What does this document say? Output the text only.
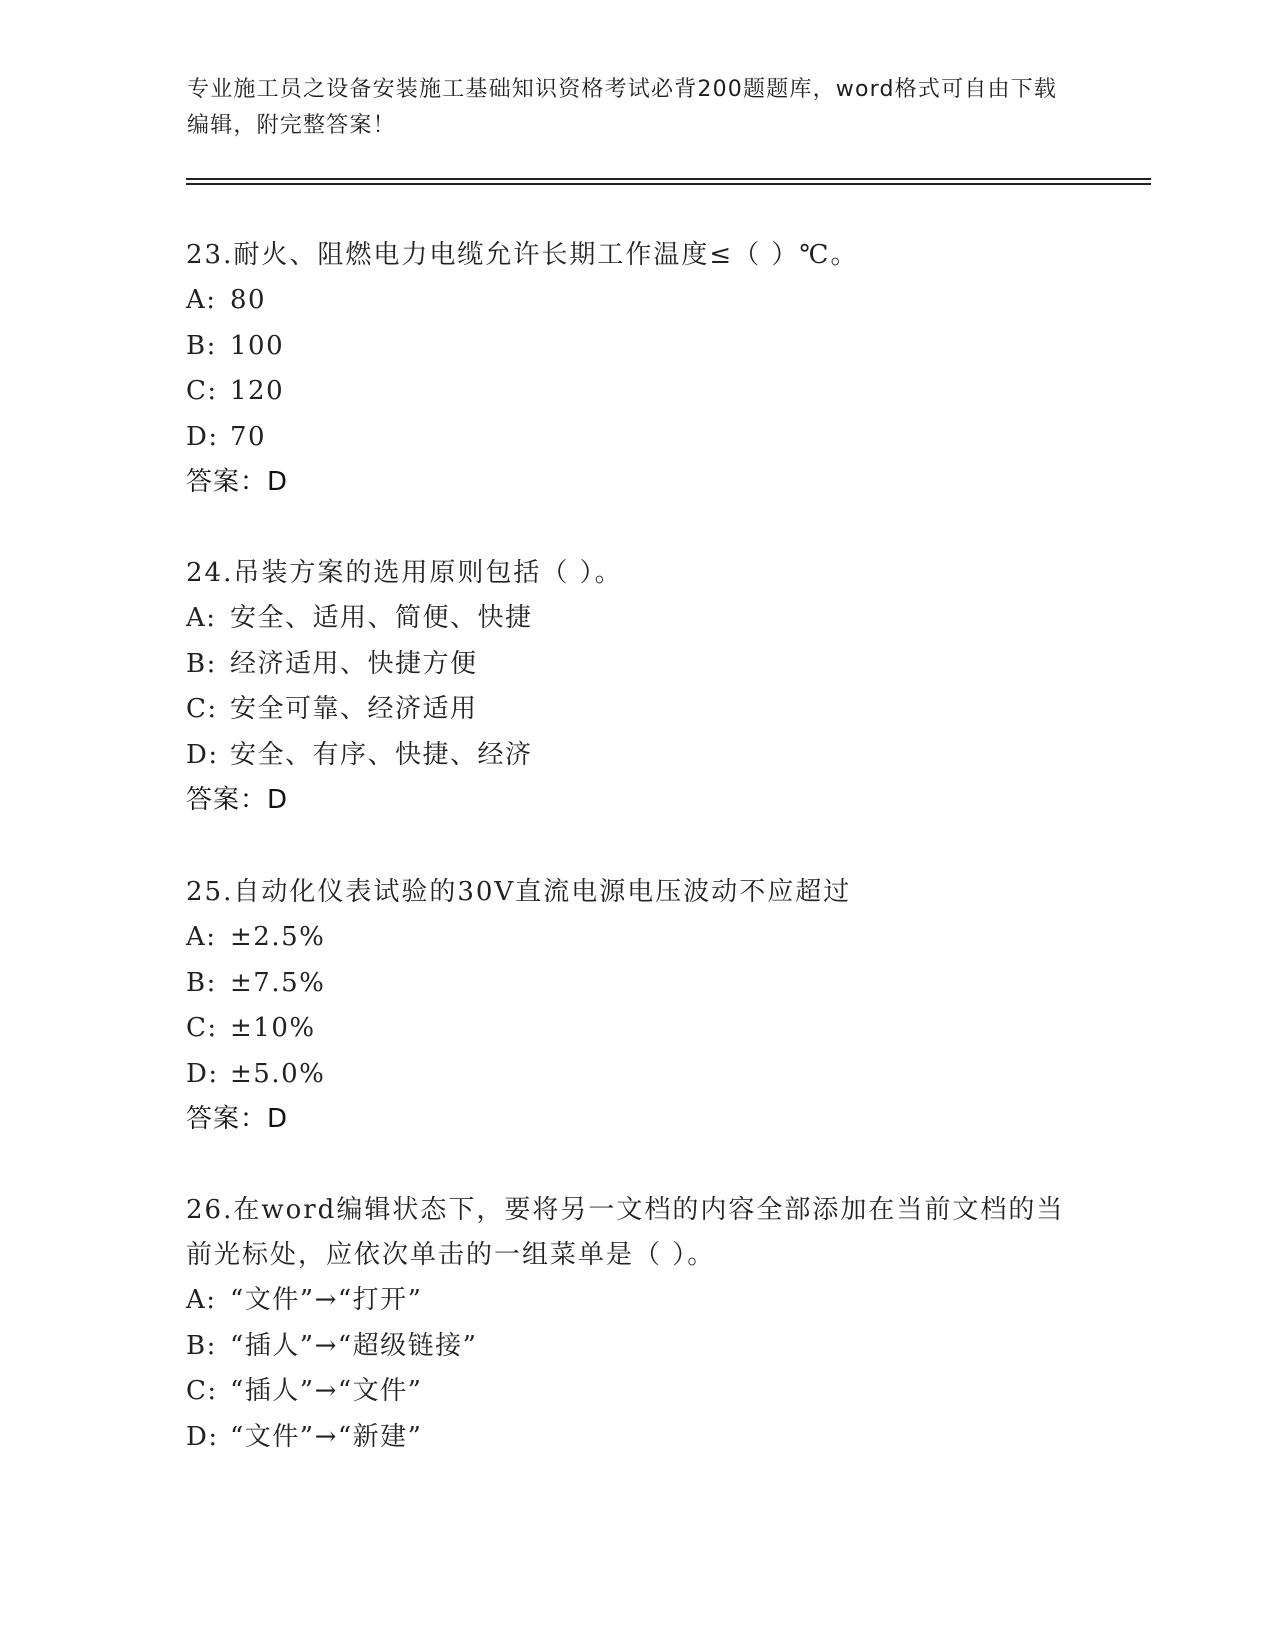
专业施工员之设备安装施工基础知识资格考试必背200题题库，word格式可自由下载编辑，附完整答案！

23.耐火、阻燃电力电缆允许长期工作温度≤（ ）℃。

A: 80

B: 100

C: 120

D: 70

答案：D

24.吊装方案的选用原则包括（ ）。

A: 安全、适用、简便、快捷

B: 经济适用、快捷方便

C: 安全可靠、经济适用

D: 安全、有序、快捷、经济

答案：D

25.自动化仪表试验的30V直流电源电压波动不应超过

A: ±2.5%

B: ±7.5%

C: ±10%

D: ±5.0%

答案：D

26.在word编辑状态下，要将另一文档的内容全部添加在当前文档的当前光标处，应依次单击的一组菜单是（ ）。

A: “文件”→“打开”

B: “插人”→“超级链接”

C: “插人”→“文件”

D: “文件”→“新建”
